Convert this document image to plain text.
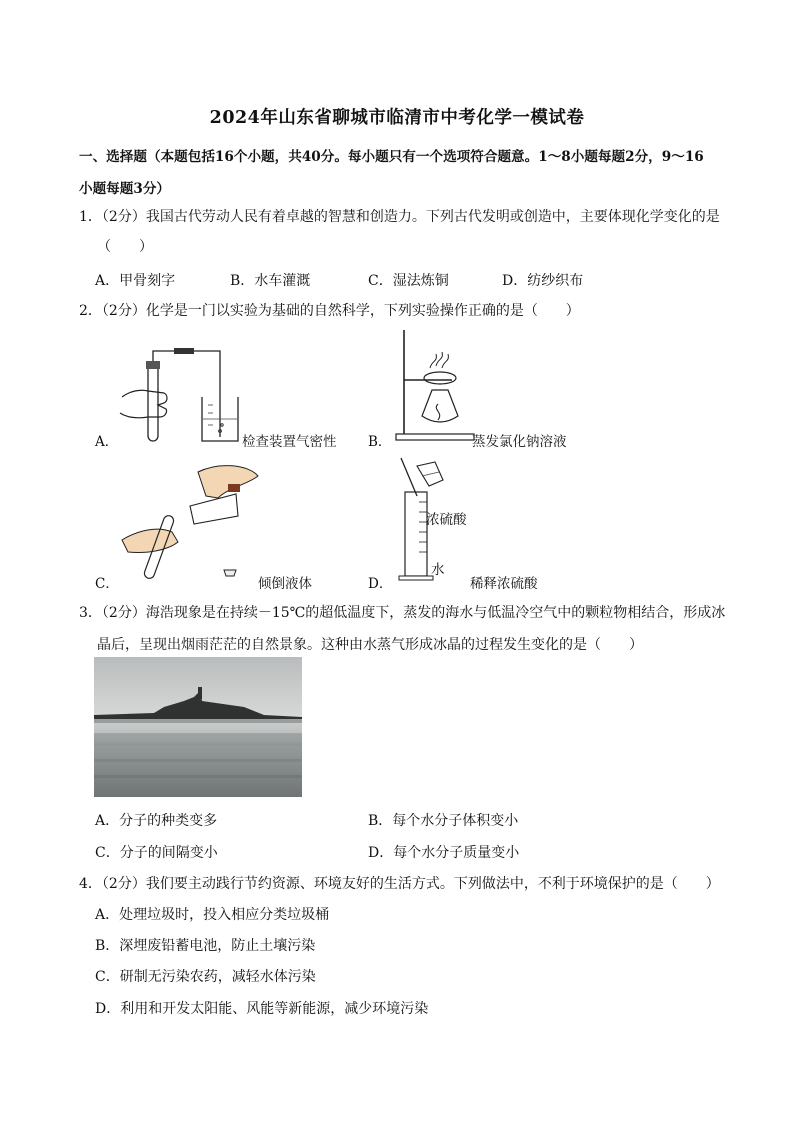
2024年山东省聊城市临清市中考化学一模试卷
一、选择题（本题包括16个小题，共40分。每小题只有一个选项符合题意。1～8小题每题2分，9～16
小题每题3分）
1．（2分）我国古代劳动人民有着卓越的智慧和创造力。下列古代发明或创造中，主要体现化学变化的是
（　　）
A．甲骨刻字	B．水车灌溉	C．湿法炼铜	D．纺纱织布
2．（2分）化学是一门以实验为基础的自然科学，下列实验操作正确的是（　　）
A．	检查装置气密性 B．	蒸发氯化钠溶液
C．	倾倒液体
浓硫酸
水
D．	稀释浓硫酸
3．（2分）海浩现象是在持续－15℃的超低温度下，蒸发的海水与低温冷空气中的颗粒物相结合，形成冰
晶后，呈现出烟雨茫茫的自然景象。这种由水蒸气形成冰晶的过程发生变化的是（　　）
A．分子的种类变多	B．每个水分子体积变小
C．分子的间隔变小	D．每个水分子质量变小
4．（2分）我们要主动践行节约资源、环境友好的生活方式。下列做法中，不利于环境保护的是（　　）
A．处理垃圾时，投入相应分类垃圾桶
B．深埋废铅蓄电池，防止土壤污染
C．研制无污染农药，减轻水体污染
D．利用和开发太阳能、风能等新能源，减少环境污染
